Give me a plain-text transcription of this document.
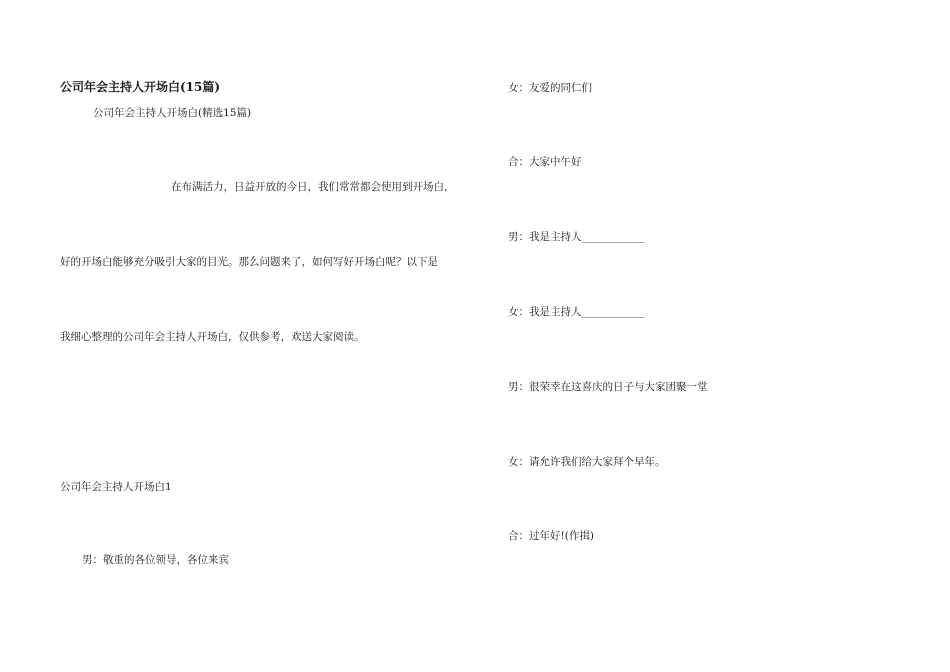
公司年会主持人开场白(15篇)
公司年会主持人开场白(精选15篇)
在布满活力，日益开放的今日，我们常常都会使用到开场白，
好的开场白能够充分吸引大家的目光。那么问题来了，如何写好开场白呢？以下是
我细心整理的公司年会主持人开场白，仅供参考，欢送大家阅读。
公司年会主持人开场白1
男：敬重的各位领导，各位来宾
女：友爱的同仁们
合：大家中午好
男：我是主持人____________
女：我是主持人____________
男：很荣幸在这喜庆的日子与大家团聚一堂
女：请允许我们给大家拜个早年。
合：过年好!(作揖)
